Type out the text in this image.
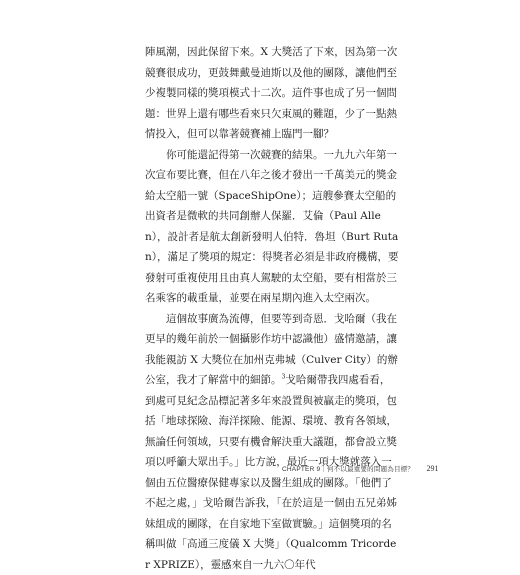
陣風潮，因此保留下來。X 大獎活了下來，因為第一次競賽很成功，更鼓舞戴曼迪斯以及他的團隊，讓他們至少複製同樣的獎項模式十二次。這件事也成了另一個問題：世界上還有哪些看來只欠東風的難題，少了一點熱情投入，但可以靠著競賽補上臨門一腳？

你可能還記得第一次競賽的結果。一九九六年第一次宣布要比賽，但在八年之後才發出一千萬美元的獎金給太空船一號（SpaceShipOne）；這艘參賽太空船的出資者是微軟的共同創辦人保羅．艾倫（Paul Allen），設計者是航太創新發明人伯特．魯坦（Burt Rutan），滿足了獎項的規定：得獎者必須是非政府機構，要發射可重複使用且由真人駕駛的太空船，要有相當於三名乘客的載重量，並要在兩星期內進入太空兩次。

這個故事廣為流傳，但要等到奇恩．戈哈爾（我在更早的幾年前於一個攝影作坊中認識他）盛情邀請，讓我能親訪 X 大獎位在加州克弗城（Culver City）的辦公室，我才了解當中的細節。$^3$戈哈爾帶我四處看看，到處可見紀念品標記著多年來設置與被贏走的獎項，包括「地球探險、海洋探險、能源、環境、教育各領域，無論任何領域，只要有機會解決重大議題，都會設立獎項以呼籲大眾出手。」比方說，最近一項大獎就落入一個由五位醫療保健專家以及醫生組成的團隊。「他們了不起之處，」戈哈爾告訴我，「在於這是一個由五兄弟姊妹組成的團隊，在自家地下室做實驗。」這個獎項的名稱叫做「高通三度儀 X 大獎」（Qualcomm Tricorder XPRIZE），靈感來自一九六〇年代

CHAPTER 9｜何不以最重要的問題為目標？ 291
